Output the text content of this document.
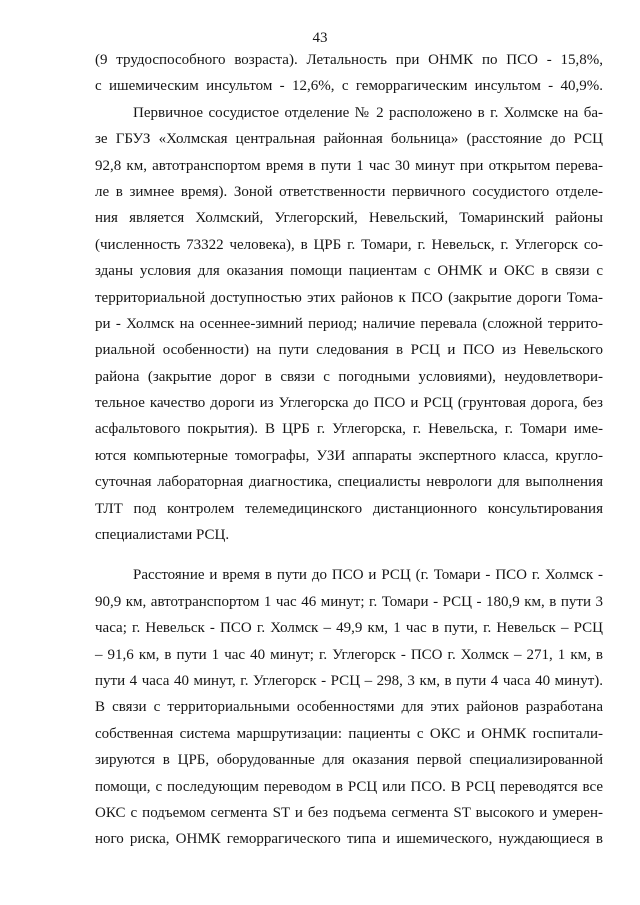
43
(9 трудоспособного возраста). Летальность при ОНМК по ПСО - 15,8%,
с ишемическим инсультом - 12,6%, с геморрагическим инсультом - 40,9%.
Первичное сосудистое отделение № 2 расположено в г. Холмске на ба-
зе ГБУЗ «Холмская центральная районная больница» (расстояние до РСЦ
92,8 км, автотранспортом время в пути 1 час 30 минут при открытом перева-
ле в зимнее время). Зоной ответственности первичного сосудистого отделе-
ния является Холмский, Углегорский, Невельский, Томаринский районы
(численность 73322 человека), в ЦРБ г. Томари, г. Невельск, г. Углегорск со-
зданы условия для оказания помощи пациентам с ОНМК и ОКС в связи с
территориальной доступностью этих районов к ПСО (закрытие дороги Тома-
ри - Холмск на осеннее-зимний период; наличие перевала (сложной террито-
риальной особенности) на пути следования в РСЦ и ПСО из Невельского
района (закрытие дорог в связи с погодными условиями), неудовлетвори-
тельное качество дороги из Углегорска до ПСО и РСЦ (грунтовая дорога, без
асфальтового покрытия). В ЦРБ г. Углегорска, г. Невельска, г. Томари име-
ются компьютерные томографы, УЗИ аппараты экспертного класса, кругло-
суточная лабораторная диагностика, специалисты неврологи для выполнения
ТЛТ под контролем телемедицинского дистанционного консультирования
специалистами РСЦ.
Расстояние и время в пути до ПСО и РСЦ (г. Томари - ПСО г. Холмск -
90,9 км, автотранспортом 1 час 46 минут; г. Томари - РСЦ - 180,9 км, в пути 3
часа; г. Невельск - ПСО г. Холмск – 49,9 км, 1 час в пути, г. Невельск – РСЦ
– 91,6 км, в пути 1 час 40 минут; г. Углегорск - ПСО г. Холмск – 271, 1 км, в
пути 4 часа 40 минут, г. Углегорск - РСЦ – 298, 3 км, в пути 4 часа 40 минут).
В связи с территориальными особенностями для этих районов разработана
собственная система маршрутизации: пациенты с ОКС и ОНМК госпитали-
зируются в ЦРБ, оборудованные для оказания первой специализированной
помощи, с последующим переводом в РСЦ или ПСО. В РСЦ переводятся все
ОКС с подъемом сегмента ST и без подъема сегмента ST высокого и умерен-
ного риска, ОНМК геморрагического типа и ишемического, нуждающиеся в
